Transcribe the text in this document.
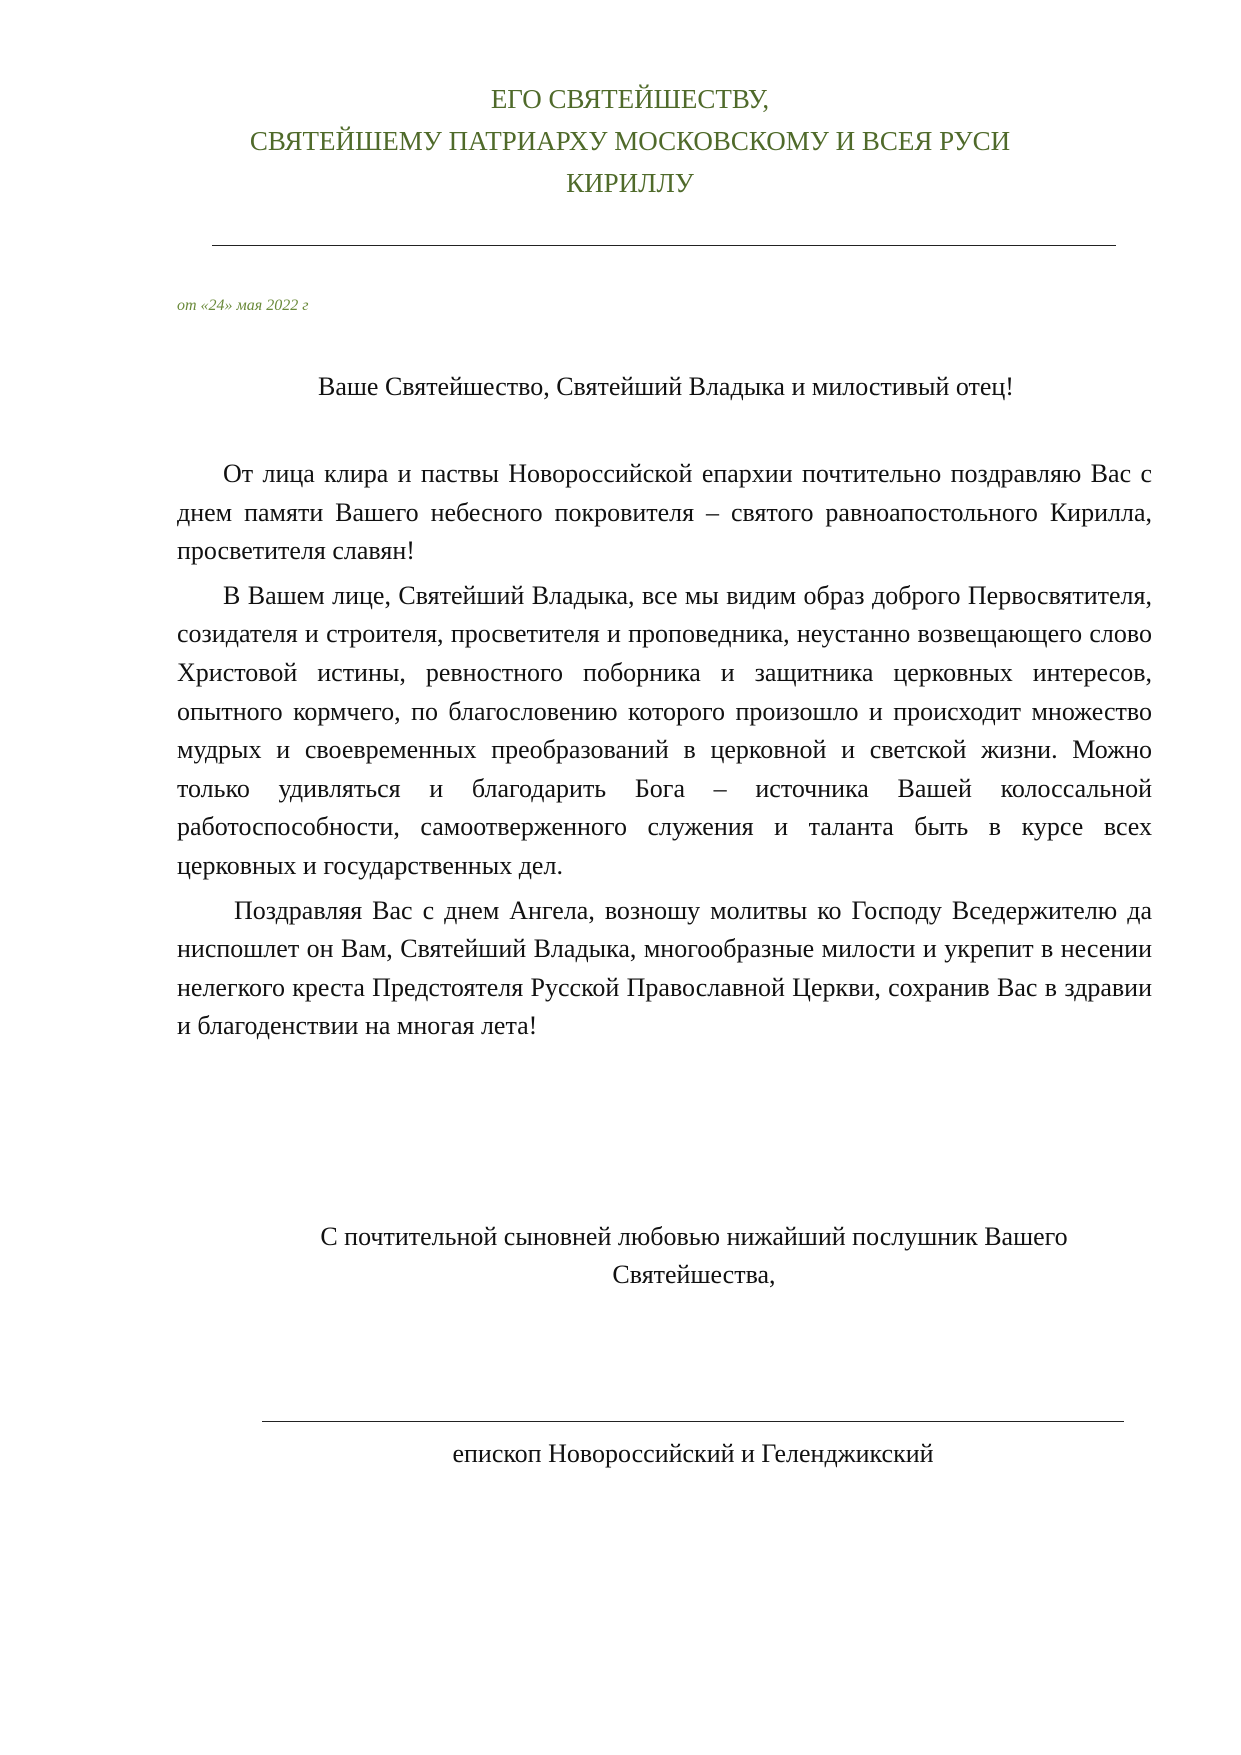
ЕГО СВЯТЕЙШЕСТВУ,
СВЯТЕЙШЕМУ ПАТРИАРХУ МОСКОВСКОМУ И ВСЕЯ РУСИ
КИРИЛЛУ
от «24» мая 2022 г
Ваше Святейшество, Святейший Владыка и милостивый отец!

От лица клира и паствы Новороссийской епархии почтительно поздравляю Вас с днем памяти Вашего небесного покровителя – святого равноапостольного Кирилла, просветителя славян!

В Вашем лице, Святейший Владыка, все мы видим образ доброго Первосвятителя, созидателя и строителя, просветителя и проповедника, неустанно возвещающего слово Христовой истины, ревностного поборника и защитника церковных интересов, опытного кормчего, по благословению которого произошло и происходит множество мудрых и своевременных преобразований в церковной и светской жизни. Можно только удивляться и благодарить Бога – источника Вашей колоссальной работоспособности, самоотверженного служения и таланта быть в курсе всех церковных и государственных дел.

Поздравляя Вас с днем Ангела, возношу молитвы ко Господу Вседержителю да ниспошлет он Вам, Святейший Владыка, многообразные милости и укрепит в несении нелегкого креста Предстоятеля Русской Православной Церкви, сохранив Вас в здравии и благоденствии на многая лета!

С почтительной сыновней любовью нижайший послушник Вашего
Святейшества,
епископ Новороссийский и Геленджикский
